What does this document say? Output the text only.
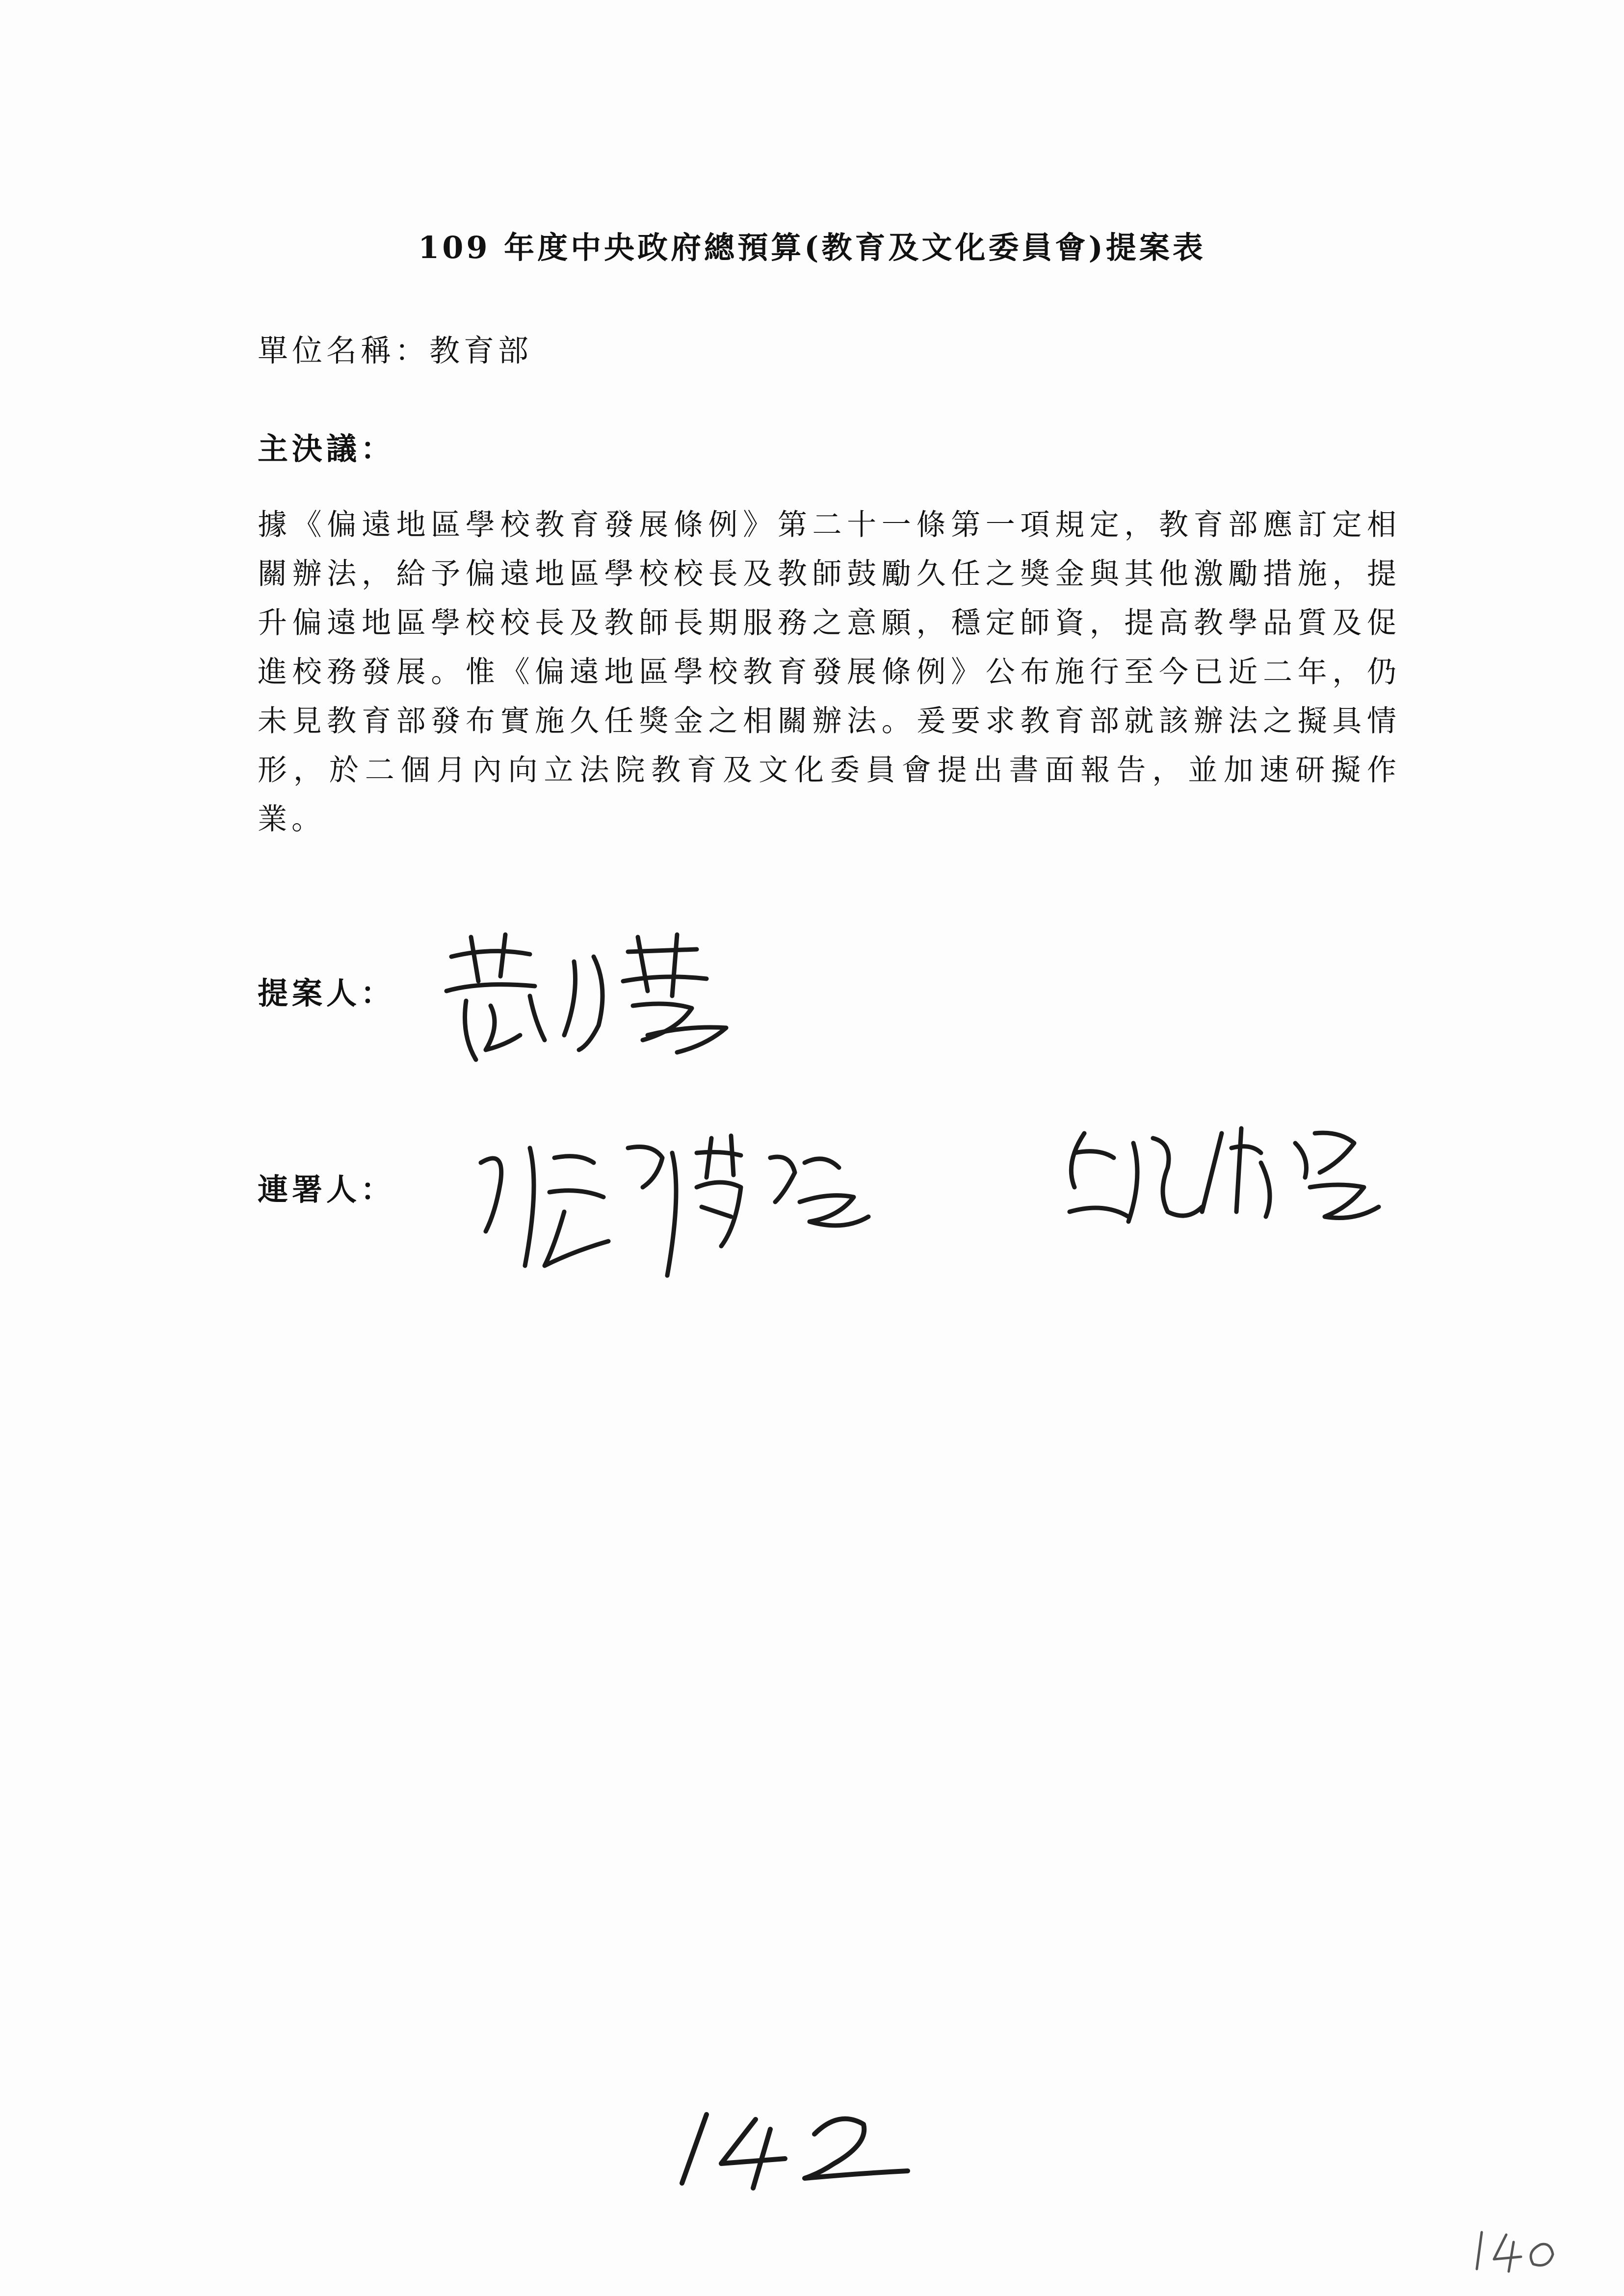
109 年度中央政府總預算(教育及文化委員會)提案表
單位名稱：教育部
主決議：

據《偏遠地區學校教育發展條例》第二十一條第一項規定，教育部應訂定相關辦法，給予偏遠地區學校校長及教師鼓勵久任之獎金與其他激勵措施，提升偏遠地區學校校長及教師長期服務之意願，穩定師資，提高教學品質及促進校務發展。惟《偏遠地區學校教育發展條例》公布施行至今已近二年，仍未見教育部發布實施久任獎金之相關辦法。爰要求教育部就該辦法之擬具情形，於二個月內向立法院教育及文化委員會提出書面報告，並加速研擬作業。

提案人：
連署人：
